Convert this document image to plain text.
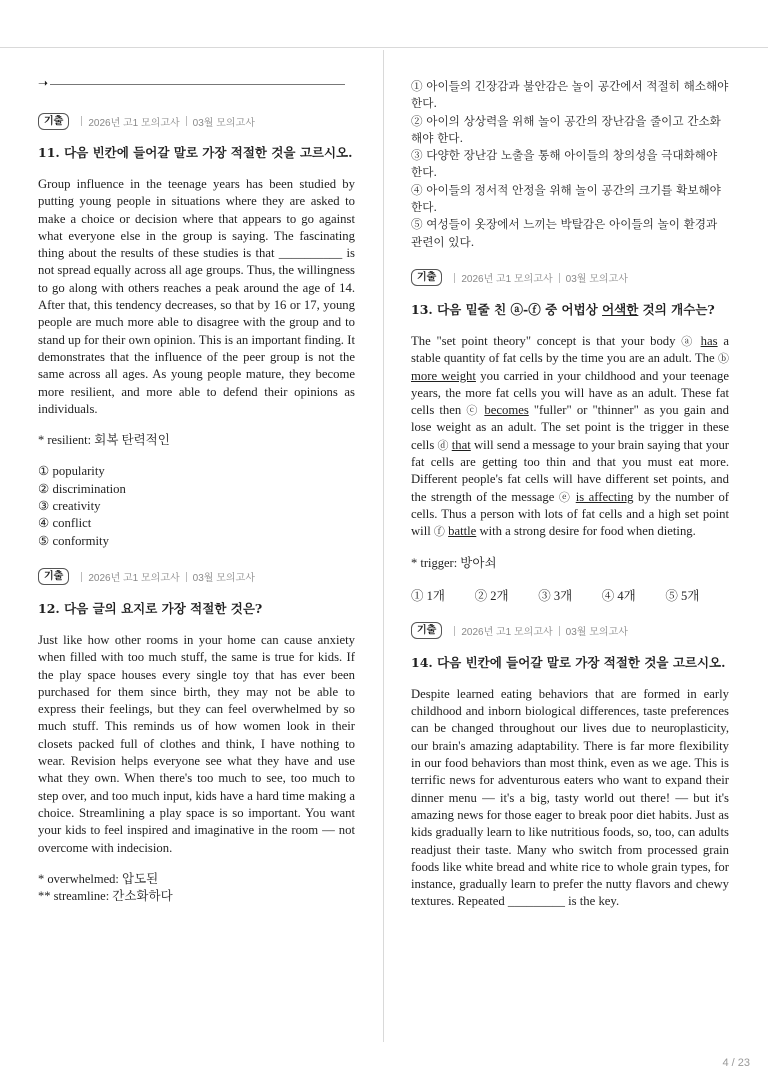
➝
기출	2026년 고1 모의고사 03월 모의고사

11. 다음 빈칸에 들어갈 말로 가장 적절한 것을 고르시오.

Group influence in the teenage years has been studied by putting young people in situations where they are asked to make a choice or decision where that appears to go against what everyone else in the group is saying. The fascinating thing about the results of these studies is that __________ is not spread equally across all age groups. Thus, the willingness to go along with others reaches a peak around the age of 14. After that, this tendency decreases, so that by 16 or 17, young people are much more able to disagree with the group and to stand up for their own opinion. This is an important finding. It demonstrates that the influence of the peer group is not the same across all ages. As young people mature, they become more resilient, and more able to defend their opinions as individuals.

* resilient: 회복 탄력적인

① popularity
② discrimination
③ creativity
④ conflict
⑤ conformity
기출	2026년 고1 모의고사 03월 모의고사

12. 다음 글의 요지로 가장 적절한 것은?

Just like how other rooms in your home can cause anxiety when filled with too much stuff, the same is true for kids. If the play space houses every single toy that has ever been purchased for them since birth, they may not be able to express their feelings, but they can feel overwhelmed by so much stuff. This reminds us of how women look in their closets packed full of clothes and think, I have nothing to wear. Revision helps everyone see what they have and use what they own. When there's too much to see, too much to step over, and too much input, kids have a hard time making a choice. Streamlining a play space is so important. You want your kids to feel inspired and imaginative in the room — not overcome with indecision.

* overwhelmed: 압도된
** streamline: 간소화하다
① 아이들의 긴장감과 불안감은 놀이 공간에서 적절히 해소해야 한다.
② 아이의 상상력을 위해 놀이 공간의 장난감을 줄이고 간소화해야 한다.
③ 다양한 장난감 노출을 통해 아이들의 창의성을 극대화해야 한다.
④ 아이들의 정서적 안정을 위해 놀이 공간의 크기를 확보해야 한다.
⑤ 여성들이 옷장에서 느끼는 박탈감은 아이들의 놀이 환경과 관련이 있다.
기출	2026년 고1 모의고사 03월 모의고사

13. 다음 밑줄 친 ⓐ-ⓕ 중 어법상 어색한 것의 개수는?

The "set point theory" concept is that your body ⓐ has a stable quantity of fat cells by the time you are an adult. The ⓑ more weight you carried in your childhood and your teenage years, the more fat cells you will have as an adult. These fat cells then ⓒ becomes "fuller" or "thinner" as you gain and lose weight as an adult. The set point is the trigger in these cells ⓓ that will send a message to your brain saying that your fat cells are getting too thin and that you must eat more. Different people's fat cells will have different set points, and the strength of the message ⓔ is affecting by the number of cells. Thus a person with lots of fat cells and a high set point will ⓕ battle with a strong desire for food when dieting.

* trigger: 방아쇠

① 1개	② 2개	③ 3개	④ 4개	⑤ 5개
기출	2026년 고1 모의고사 03월 모의고사

14. 다음 빈칸에 들어갈 말로 가장 적절한 것을 고르시오.

Despite learned eating behaviors that are formed in early childhood and inborn biological differences, taste preferences can be changed throughout our lives due to neuroplasticity, our brain's amazing adaptability. There is far more flexibility in our food behaviors than most think, even as we age. This is terrific news for adventurous eaters who want to expand their dinner menu — it's a big, tasty world out there! — but it's amazing news for those eager to break poor diet habits. Just as kids gradually learn to like nutritious foods, so, too, can adults readjust their taste. Many who switch from processed grain foods like white bread and white rice to whole grain types, for instance, gradually learn to prefer the nutty flavors and chewy textures. Repeated _________ is the key.

4 / 23
